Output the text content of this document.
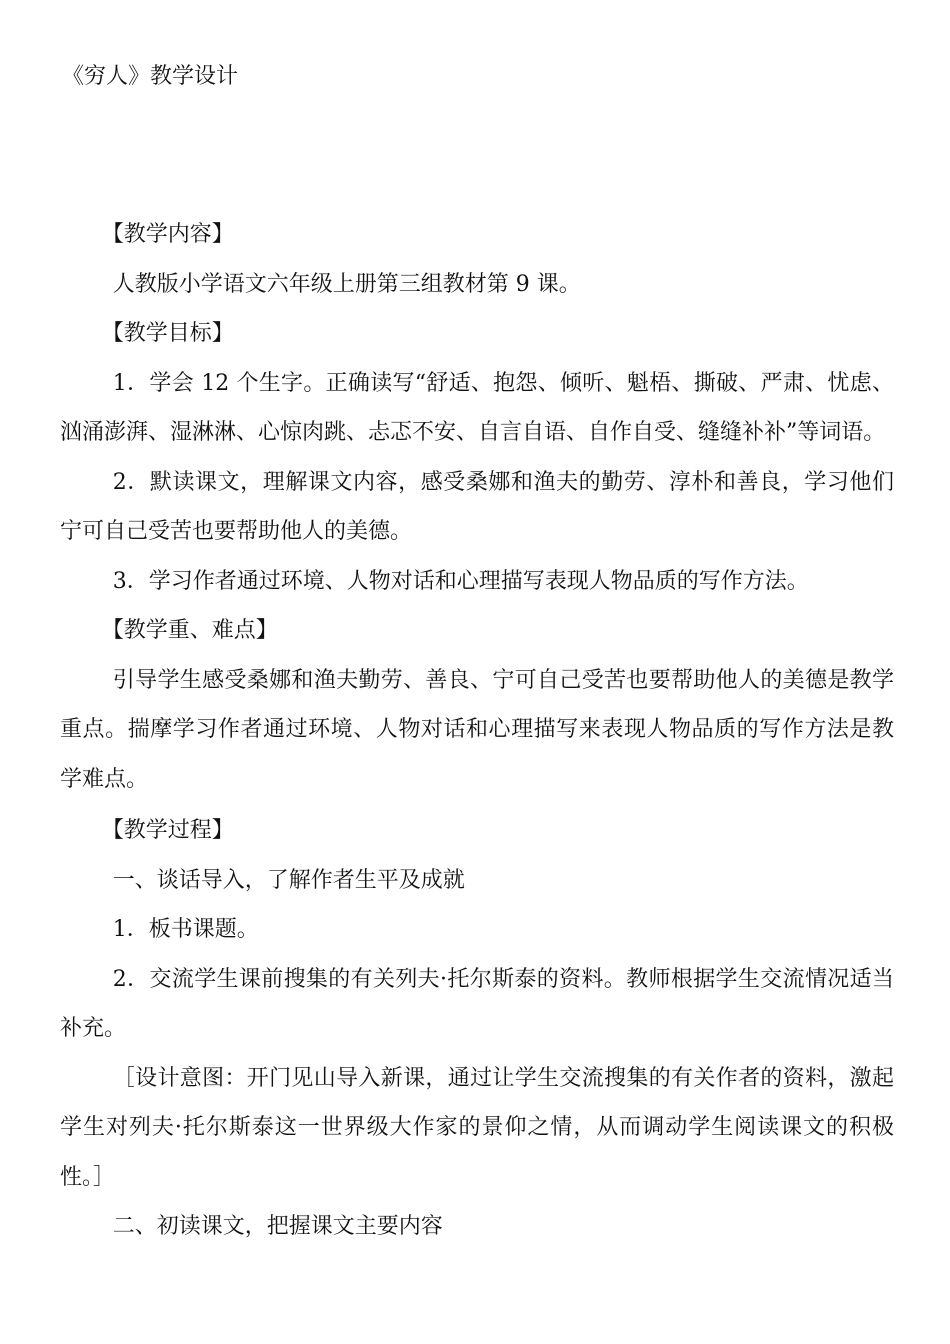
《穷人》教学设计

【教学内容】

人教版小学语文六年级上册第三组教材第 9 课。

【教学目标】

1．学会 12 个生字。正确读写“舒适、抱怨、倾听、魁梧、撕破、严肃、忧虑、汹涌澎湃、湿淋淋、心惊肉跳、忐忑不安、自言自语、自作自受、缝缝补补”等词语。

2．默读课文，理解课文内容，感受桑娜和渔夫的勤劳、淳朴和善良，学习他们宁可自己受苦也要帮助他人的美德。

3．学习作者通过环境、人物对话和心理描写表现人物品质的写作方法。

【教学重、难点】

引导学生感受桑娜和渔夫勤劳、善良、宁可自己受苦也要帮助他人的美德是教学重点。揣摩学习作者通过环境、人物对话和心理描写来表现人物品质的写作方法是教学难点。

【教学过程】

一、谈话导入，了解作者生平及成就

1．板书课题。

2．交流学生课前搜集的有关列夫·托尔斯泰的资料。教师根据学生交流情况适当补充。

［设计意图：开门见山导入新课，通过让学生交流搜集的有关作者的资料，激起学生对列夫·托尔斯泰这一世界级大作家的景仰之情，从而调动学生阅读课文的积极性。］

二、初读课文，把握课文主要内容
